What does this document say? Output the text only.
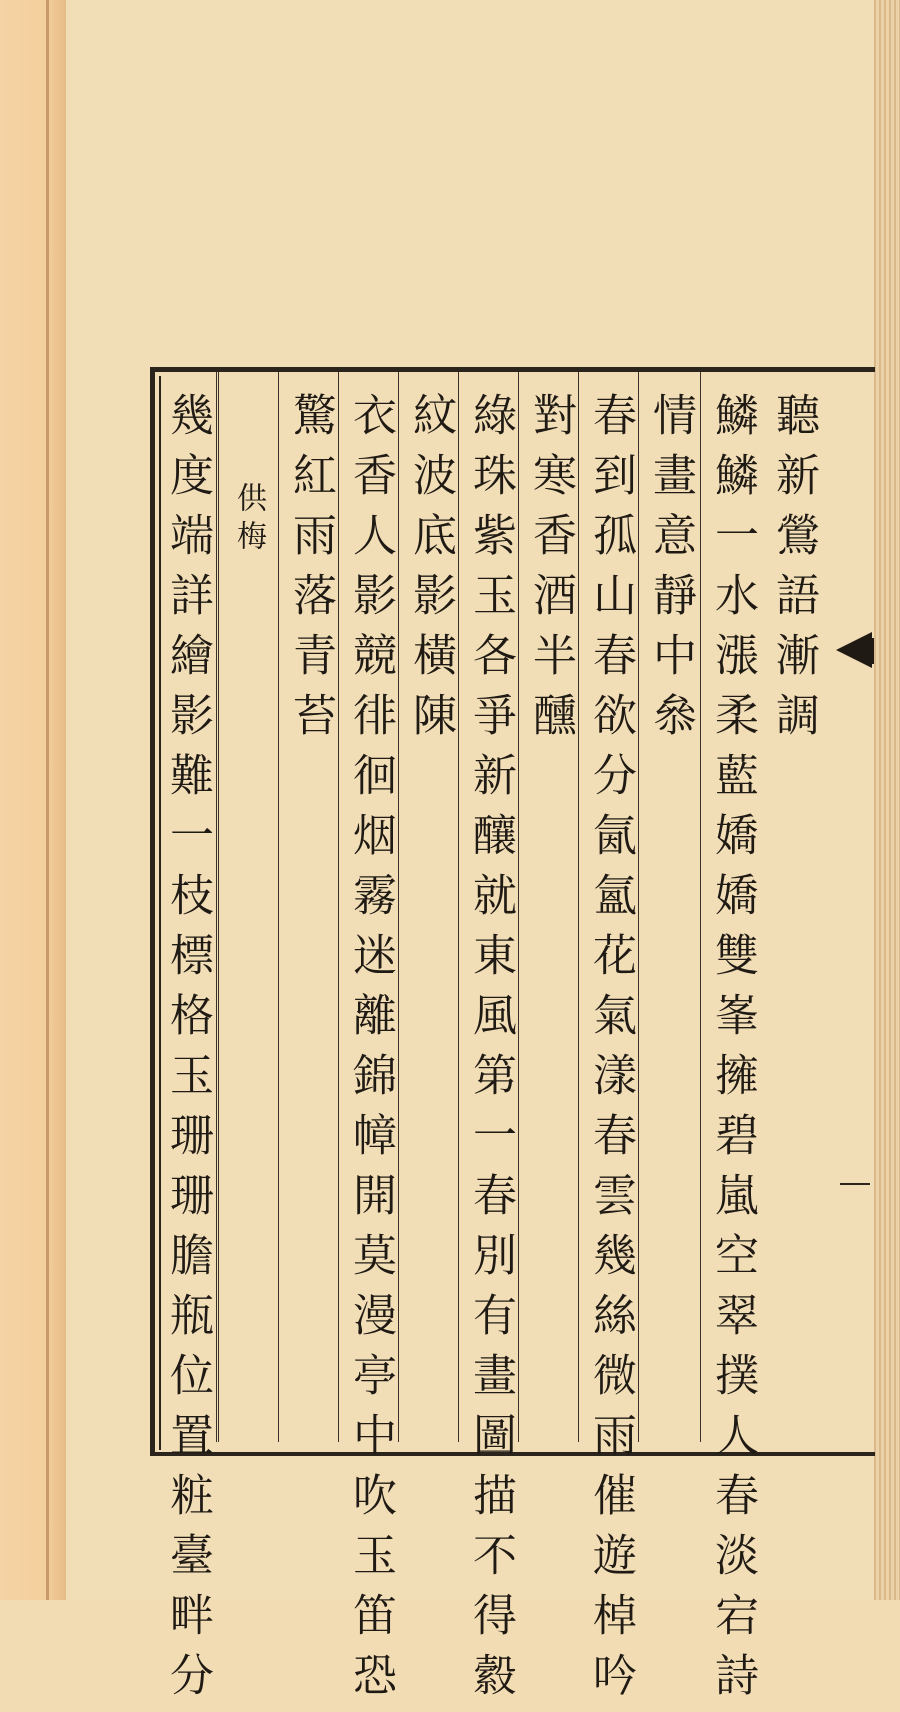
聽新鶯語漸調
鱗鱗一水漲柔藍嬌嬌雙峯擁碧嵐空翠撲人春淡宕詩
情畫意靜中叅
春到孤山春欲分氤氳花氣漾春雲幾絲微雨催遊棹吟
對寒香酒半醺
綠珠紫玉各爭新釀就東風第一春別有畫圖描不得縠
紋波底影橫陳
衣香人影競徘徊烟霧迷離錦幛開莫漫亭中吹玉笛恐
驚紅雨落青苔
供梅
幾度端詳繪影難一枝標格玉珊珊膽瓶位置粧臺畔分
